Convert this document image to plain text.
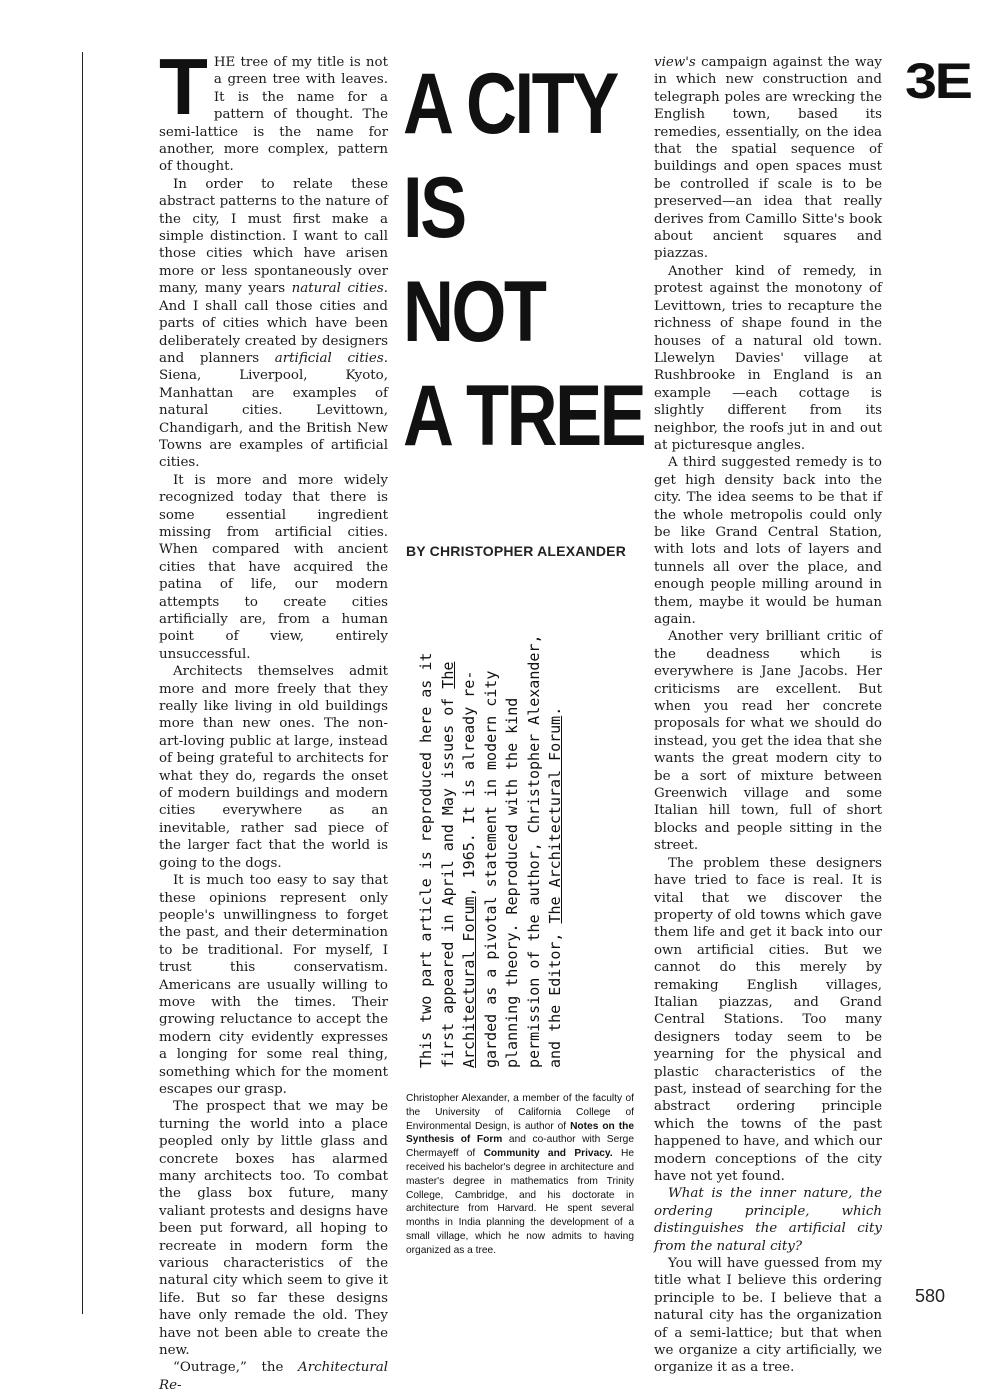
THE tree of my title is not a green tree with leaves. It is the name for a pattern of thought. The semi-lattice is the name for another, more complex, pattern of thought.

In order to relate these abstract patterns to the nature of the city, I must first make a simple distinction. I want to call those cities which have arisen more or less spontaneously over many, many years natural cities. And I shall call those cities and parts of cities which have been deliberately created by designers and planners artificial cities. Siena, Liverpool, Kyoto, Manhattan are examples of natural cities. Levittown, Chandigarh, and the British New Towns are examples of artificial cities.

It is more and more widely recognized today that there is some essential ingredient missing from artificial cities. When compared with ancient cities that have acquired the patina of life, our modern attempts to create cities artificially are, from a human point of view, entirely unsuccessful.

Architects themselves admit more and more freely that they really like living in old buildings more than new ones. The non-art-loving public at large, instead of being grateful to architects for what they do, regards the onset of modern buildings and modern cities everywhere as an inevitable, rather sad piece of the larger fact that the world is going to the dogs.

It is much too easy to say that these opinions represent only people's unwillingness to forget the past, and their determination to be traditional. For myself, I trust this conservatism. Americans are usually willing to move with the times. Their growing reluctance to accept the modern city evidently expresses a longing for some real thing, something which for the moment escapes our grasp.

The prospect that we may be turning the world into a place peopled only by little glass and concrete boxes has alarmed many architects too. To combat the glass box future, many valiant protests and designs have been put forward, all hoping to recreate in modern form the various characteristics of the natural city which seem to give it life. But so far these designs have only remade the old. They have not been able to create the new.

“Outrage,” the Architectural Re-

A CITY
IS
NOT
A TREE
BY CHRISTOPHER ALEXANDER
This two part article is reproduced here as it first appeared in April and May issues of The
Architectural Forum, 1965. It is already re- garded as a pivotal statement in modern city planning theory. Reproduced with the kind permission of the author, Christopher Alexander, and the Editor, The Architectural Forum.
Christopher Alexander, a member of the faculty of the University of California College of Environmental Design, is author of Notes on the Synthesis of Form and co-author with Serge Chermayeff of Community and Privacy. He received his bachelor's degree in architecture and master's degree in mathematics from Trinity College, Cambridge, and his doctorate in architecture from Harvard. He spent several months in India planning the development of a small village, which he now admits to having organized as a tree.

view's campaign against the way in which new construction and telegraph poles are wrecking the English town, based its remedies, essentially, on the idea that the spatial sequence of buildings and open spaces must be controlled if scale is to be preserved—an idea that really derives from Camillo Sitte's book about ancient squares and piazzas.

Another kind of remedy, in protest against the monotony of Levittown, tries to recapture the richness of shape found in the houses of a natural old town. Llewelyn Davies' village at Rushbrooke in England is an example —each cottage is slightly different from its neighbor, the roofs jut in and out at picturesque angles.

A third suggested remedy is to get high density back into the city. The idea seems to be that if the whole metropolis could only be like Grand Central Station, with lots and lots of layers and tunnels all over the place, and enough people milling around in them, maybe it would be human again.

Another very brilliant critic of the deadness which is everywhere is Jane Jacobs. Her criticisms are excellent. But when you read her concrete proposals for what we should do instead, you get the idea that she wants the great modern city to be a sort of mixture between Greenwich village and some Italian hill town, full of short blocks and people sitting in the street.

The problem these designers have tried to face is real. It is vital that we discover the property of old towns which gave them life and get it back into our own artificial cities. But we cannot do this merely by remaking English villages, Italian piazzas, and Grand Central Stations. Too many designers today seem to be yearning for the physical and plastic characteristics of the past, instead of searching for the abstract ordering principle which the towns of the past happened to have, and which our modern conceptions of the city have not yet found.

What is the inner nature, the ordering principle, which distinguishes the artificial city from the natural city?

You will have guessed from my title what I believe this ordering principle to be. I believe that a natural city has the organization of a semi-lattice; but that when we organize a city artificially, we organize it as a tree.

3E
580
